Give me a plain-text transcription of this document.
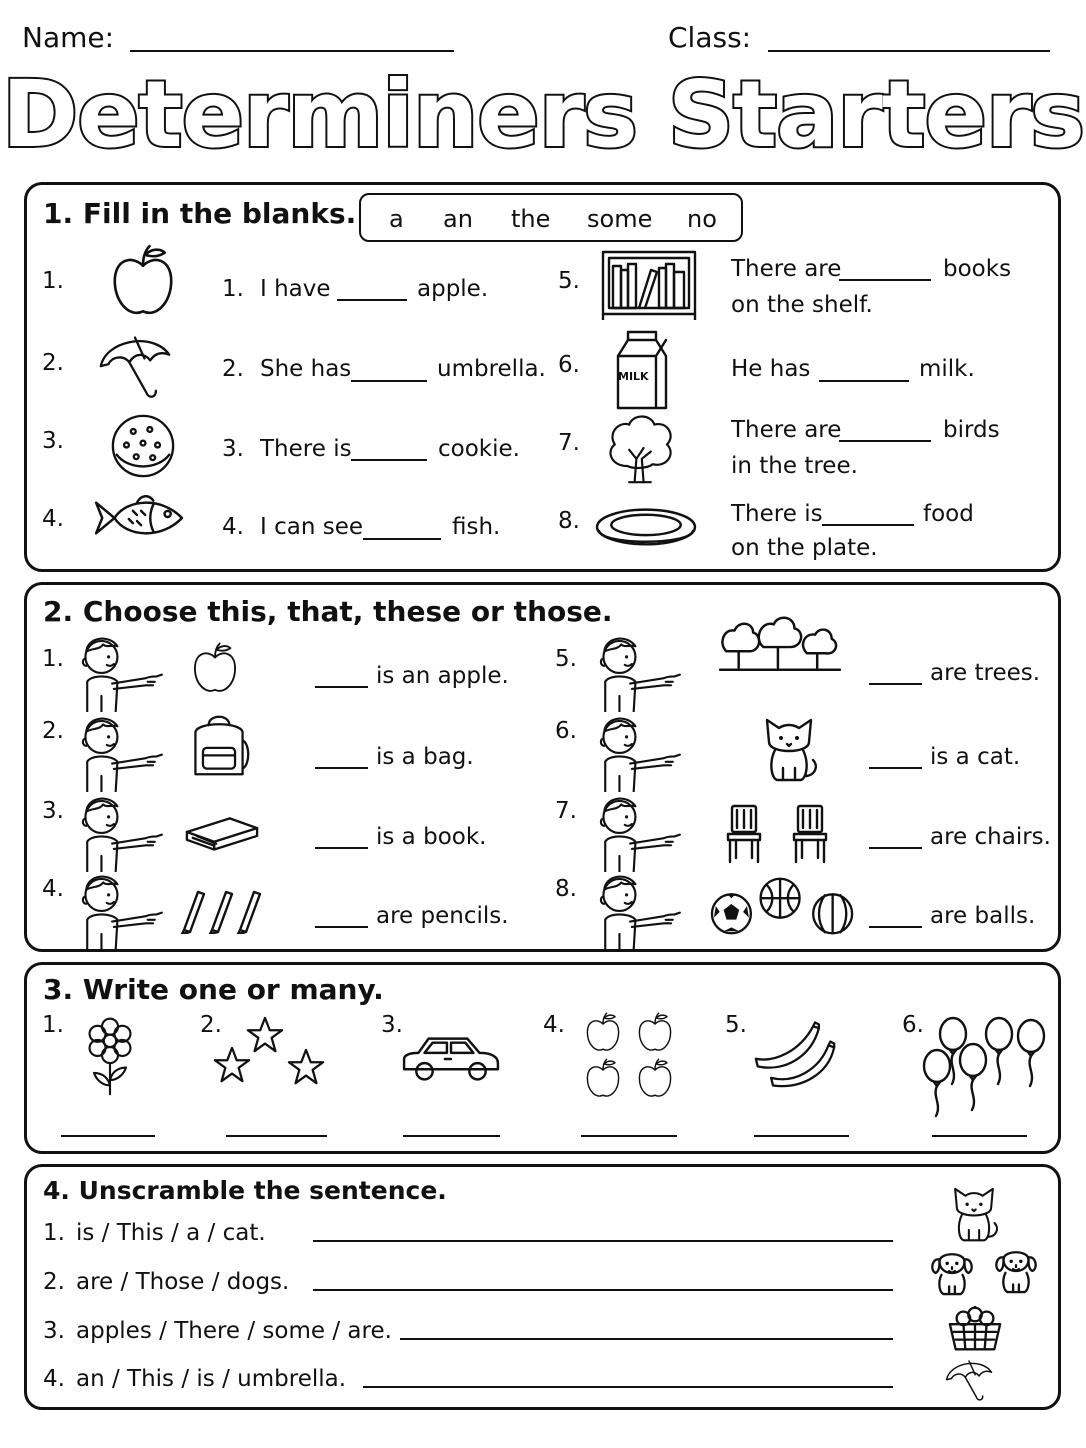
Name:	Class:
Determiners Starters
1. Fill in the blanks. a an the some no
1.	1. I have	apple.
2.	2. She has	umbrella.
3.	3. There is	cookie.
4.	4. I can see	fish.
5.	There are	books
on the shelf.
6.	MILK	He has	milk.
7.	There are	birds
in the tree.
8.	There is	food
on the plate.
2. Choose this, that, these or those.
1.
is an apple.
2.
is a bag.
3.
is a book.
4.
are pencils.
5.
are trees.
6.
is a cat.
7.
are chairs.
8.
are balls.
3. Write one or many.
1.	2.	3.	4.	5.	6.
4. Unscramble the sentence.
1. is / This / a / cat.
2. are / Those / dogs.
3. apples / There / some / are.
4. an / This / is / umbrella.
